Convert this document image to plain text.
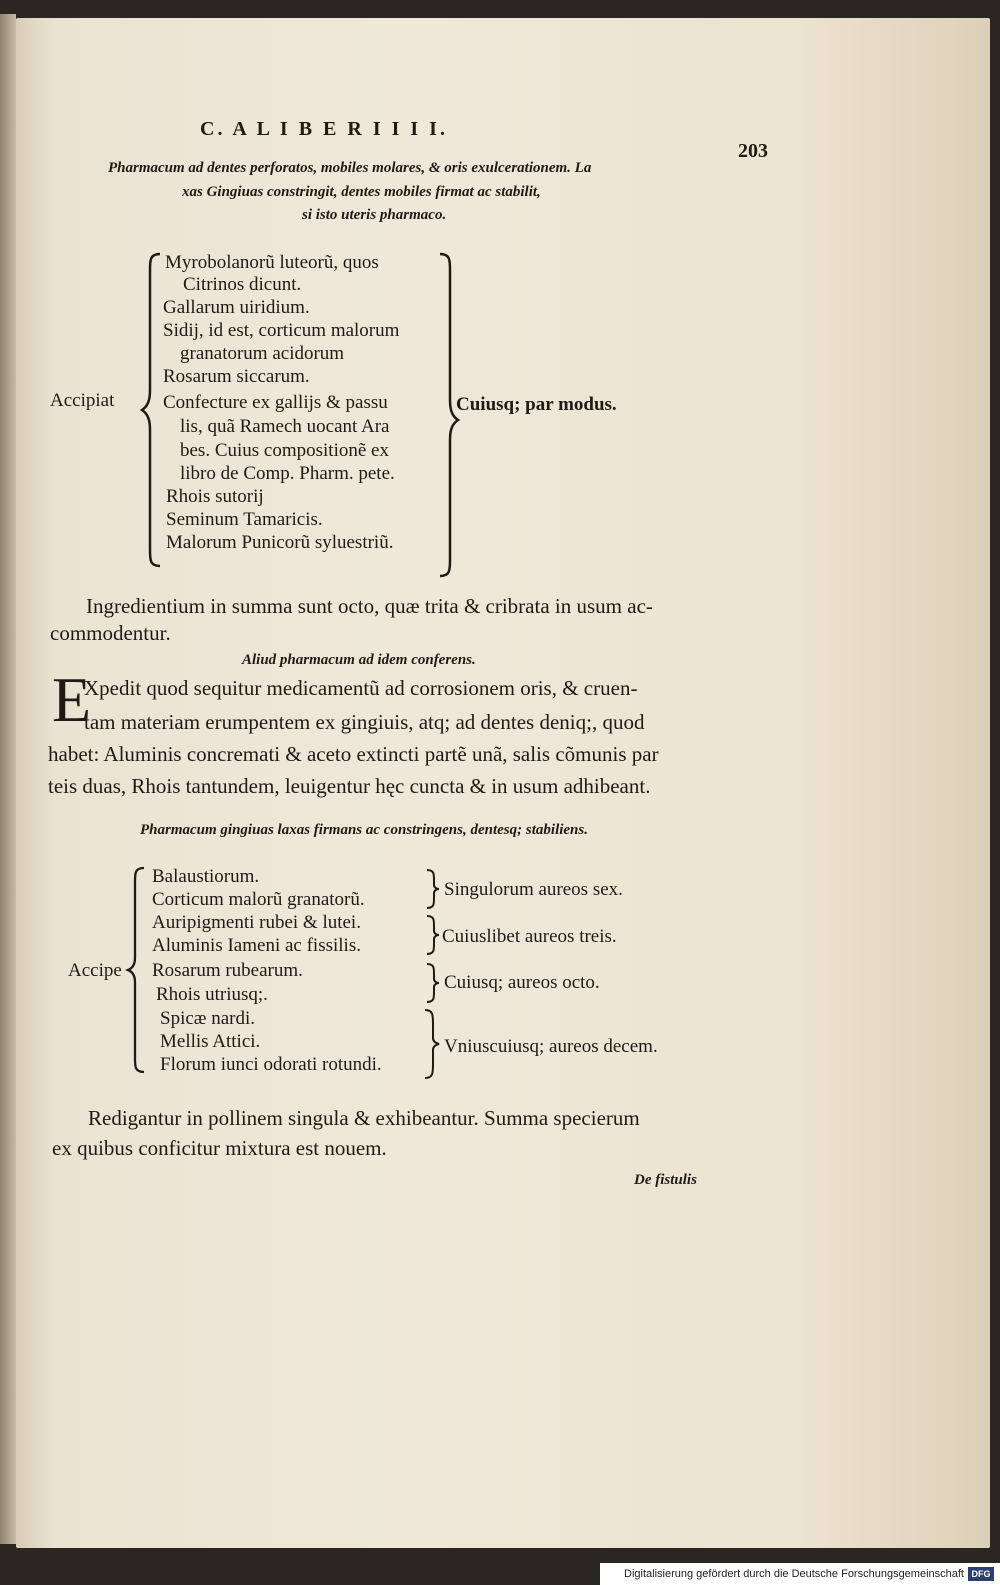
C. A L I B E R I I I I.
203
Pharmacum ad dentes perforatos, mobiles molares, & oris exulcerationem. La
xas Gingiuas constringit, dentes mobiles firmat ac stabilit,
si isto uteris pharmaco.
Accipiat
Myrobolanorũ luteorũ, quos
Citrinos dicunt.
Gallarum uiridium.
Sidij, id est, corticum malorum
granatorum acidorum
Rosarum siccarum.
Confecture ex gallijs & passu
lis, quã Ramech uocant Ara
bes. Cuius compositionẽ ex
libro de Comp. Pharm. pete.
Rhois sutorij
Seminum Tamaricis.
Malorum Punicorũ syluestriũ.
Cuiusq; par modus.
Ingredientium in summa sunt octo, quæ trita & cribrata in usum ac-
commodentur.
Aliud pharmacum ad idem conferens.
E
Xpedit quod sequitur medicamentũ ad corrosionem oris, & cruen-
tam materiam erumpentem ex gingiuis, atq; ad dentes deniq;, quod
habet: Aluminis concremati & aceto extincti partẽ unã, salis cõmunis par
teis duas, Rhois tantundem, leuigentur hęc cuncta & in usum adhibeant.
Pharmacum gingiuas laxas firmans ac constringens, dentesq; stabiliens.
Accipe
Balaustiorum.
Corticum malorũ granatorũ.
Auripigmenti rubei & lutei.
Aluminis Iameni ac fissilis.
Rosarum rubearum.
Rhois utriusq;.
Spicæ nardi.
Mellis Attici.
Florum iunci odorati rotundi.
Singulorum aureos sex.
Cuiuslibet aureos treis.
Cuiusq; aureos octo.
Vniuscuiusq; aureos decem.
Redigantur in pollinem singula & exhibeantur. Summa specierum
ex quibus conficitur mixtura est nouem.
De fistulis
Digitalisierung gefördert durch die Deutsche Forschungsgemeinschaft DFG
